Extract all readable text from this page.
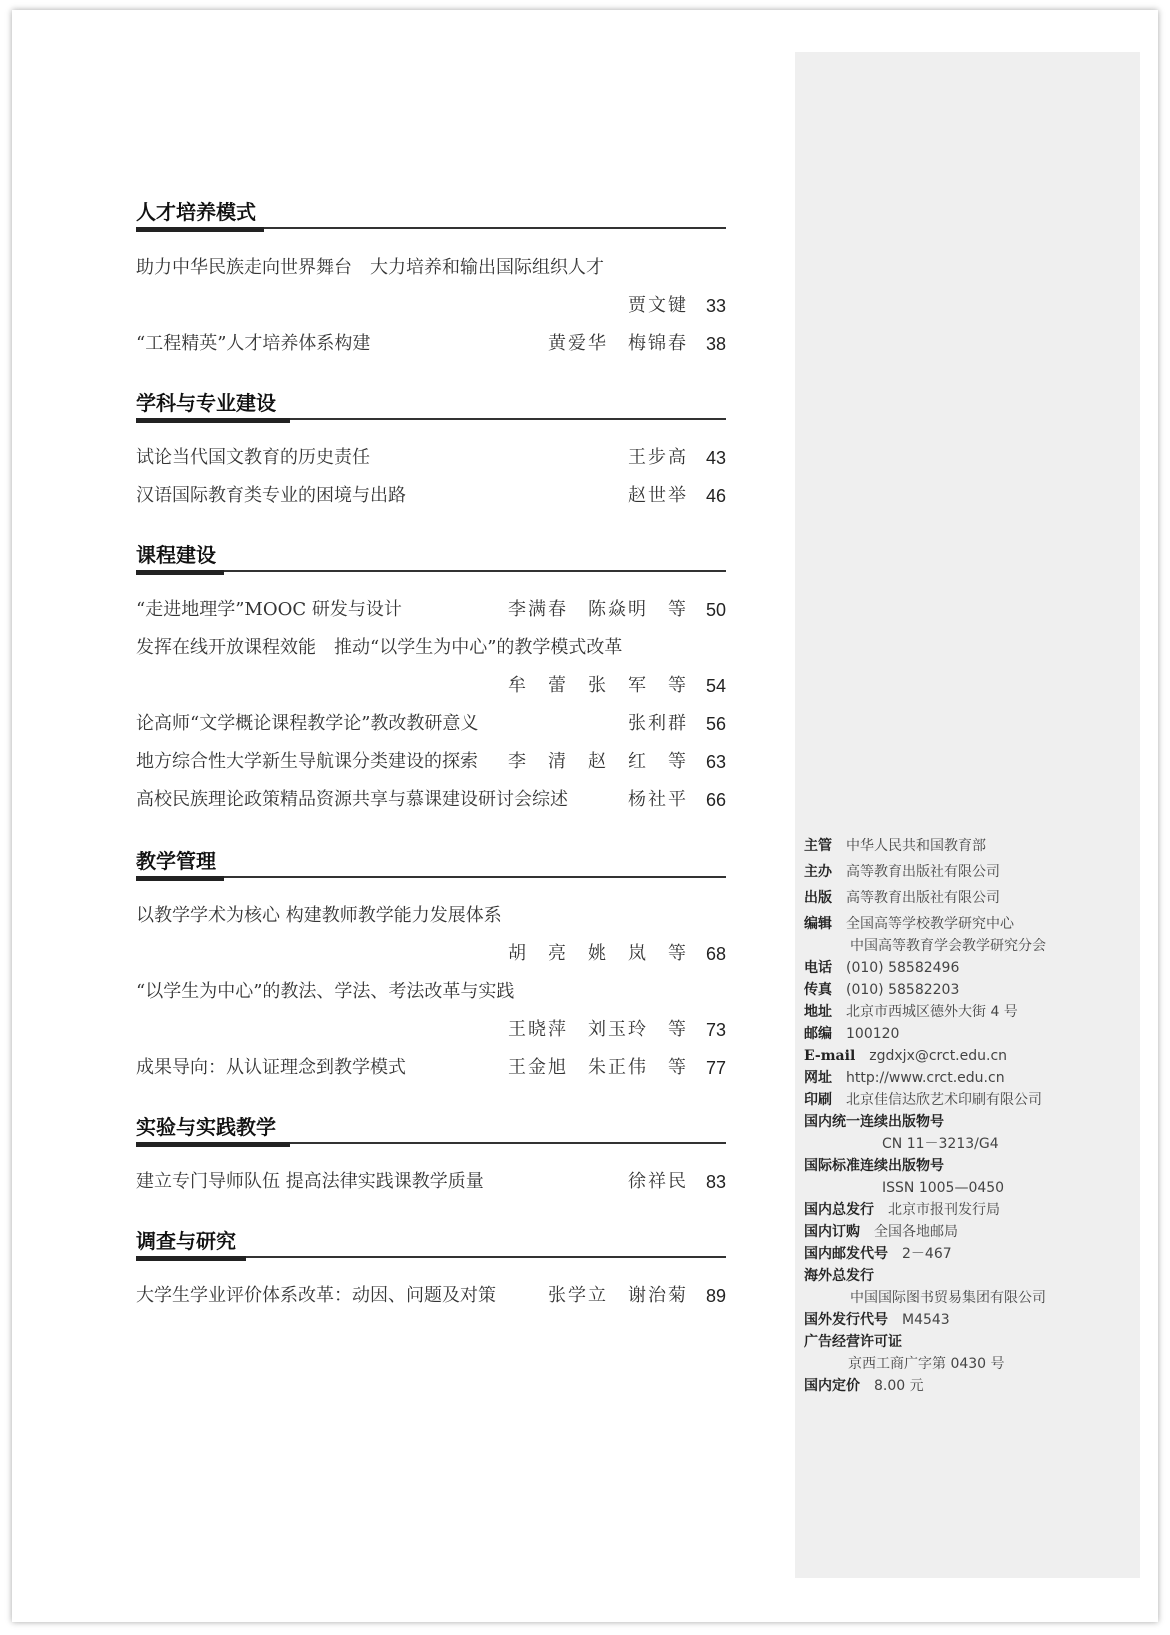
人才培养模式
助力中华民族走向世界舞台　大力培养和输出国际组织人才
贾文键 33
“工程精英”人才培养体系构建	黄爱华　梅锦春 38
学科与专业建设
试论当代国文教育的历史责任	王步高 43
汉语国际教育类专业的困境与出路	赵世举 46
课程建设
“走进地理学”MOOC 研发与设计	李满春　陈焱明　等 50
发挥在线开放课程效能　推动“以学生为中心”的教学模式改革
牟　蕾　张　军　等 54
论高师“文学概论课程教学论”教改教研意义	张利群 56
地方综合性大学新生导航课分类建设的探索 李　清　赵　红　等 63
高校民族理论政策精品资源共享与慕课建设研讨会综述	杨社平 66
教学管理
以教学学术为核心 构建教师教学能力发展体系
胡　亮　姚　岚　等 68
“以学生为中心”的教法、学法、考法改革与实践
王晓萍　刘玉玲　等 73
成果导向：从认证理念到教学模式	王金旭　朱正伟　等 77
实验与实践教学
建立专门导师队伍 提高法律实践课教学质量	徐祥民 83
调查与研究
大学生学业评价体系改革：动因、问题及对策	张学立　谢治菊 89
主管　 中华人民共和国教育部
主办　 高等教育出版社有限公司
出版　 高等教育出版社有限公司
编辑　 全国高等学校教学研究中心
中国高等教育学会教学研究分会
电话　 (010) 58582496
传真　 (010) 58582203
地址　 北京市西城区德外大街 4 号
邮编　 100120
E-mail　 zgdxjx@crct.edu.cn
网址　 http://www.crct.edu.cn
印刷　 北京佳信达欣艺术印刷有限公司
国内统一连续出版物号
CN 11－3213/G4
国际标准连续出版物号
ISSN 1005—0450
国内总发行　 北京市报刊发行局
国内订购　 全国各地邮局
国内邮发代号　 2－467
海外总发行
中国国际图书贸易集团有限公司
国外发行代号　 M4543
广告经营许可证
京西工商广字第 0430 号
国内定价　 8.00 元
